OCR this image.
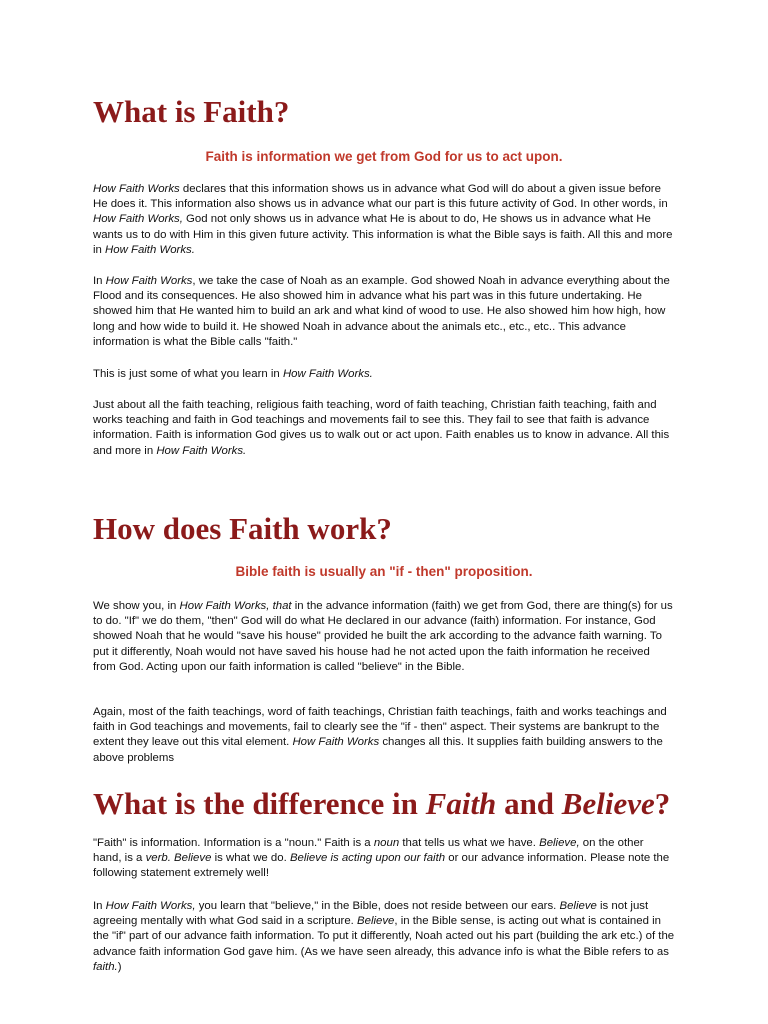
What is Faith?
Faith is information we get from God for us to act upon.

How Faith Works declares that this information shows us in advance what God will do about a given issue before He does it. This information also shows us in advance what our part is this future activity of God. In other words, in How Faith Works, God not only shows us in advance what He is about to do, He shows us in advance what He wants us to do with Him in this given future activity. This information is what the Bible says is faith. All this and more in How Faith Works.

In How Faith Works, we take the case of Noah as an example. God showed Noah in advance everything about the Flood and its consequences. He also showed him in advance what his part was in this future undertaking. He showed him that He wanted him to build an ark and what kind of wood to use. He also showed him how high, how long and how wide to build it. He showed Noah in advance about the animals etc., etc., etc.. This advance information is what the Bible calls "faith."

This is just some of what you learn in How Faith Works.

Just about all the faith teaching, religious faith teaching, word of faith teaching, Christian faith teaching, faith and works teaching and faith in God teachings and movements fail to see this. They fail to see that faith is advance information. Faith is information God gives us to walk out or act upon. Faith enables us to know in advance. All this and more in How Faith Works.

How does Faith work?
Bible faith is usually an "if - then" proposition.

We show you, in How Faith Works, that in the advance information (faith) we get from God, there are thing(s) for us to do. "If" we do them, "then" God will do what He declared in our advance (faith) information. For instance, God showed Noah that he would "save his house" provided he built the ark according to the advance faith warning. To put it differently, Noah would not have saved his house had he not acted upon the faith information he received from God. Acting upon our faith information is called "believe" in the Bible.

Again, most of the faith teachings, word of faith teachings, Christian faith teachings, faith and works teachings and faith in God teachings and movements, fail to clearly see the "if - then" aspect. Their systems are bankrupt to the extent they leave out this vital element. How Faith Works changes all this. It supplies faith building answers to the above problems

What is the difference in Faith and Believe?

"Faith" is information. Information is a "noun." Faith is a noun that tells us what we have. Believe, on the other hand, is a verb. Believe is what we do. Believe is acting upon our faith or our advance information. Please note the following statement extremely well!

In How Faith Works, you learn that "believe," in the Bible, does not reside between our ears. Believe is not just agreeing mentally with what God said in a scripture. Believe, in the Bible sense, is acting out what is contained in the "if" part of our advance faith information. To put it differently, Noah acted out his part (building the ark etc.) of the advance faith information God gave him. (As we have seen already, this advance info is what the Bible refers to as faith.)
